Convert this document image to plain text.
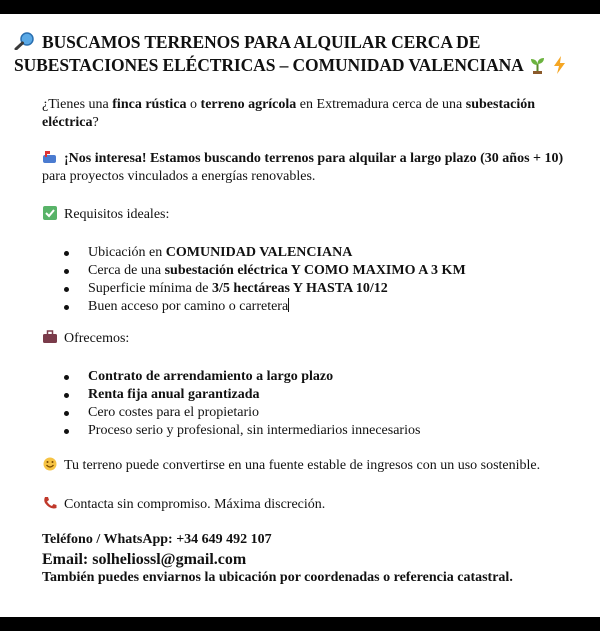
BUSCAMOS TERRENOS PARA ALQUILAR CERCA DE
SUBESTACIONES ELÉCTRICAS – COMUNIDAD VALENCIANA
¿Tienes una finca rústica o terreno agrícola en Extremadura cerca de una subestación eléctrica?
¡Nos interesa! Estamos buscando terrenos para alquilar a largo plazo (30 años + 10) para proyectos vinculados a energías renovables.
Requisitos ideales:
Ubicación en COMUNIDAD VALENCIANA
Cerca de una subestación eléctrica Y COMO MAXIMO A 3 KM
Superficie mínima de 3/5 hectáreas Y HASTA 10/12
Buen acceso por camino o carretera
Ofrecemos:
Contrato de arrendamiento a largo plazo
Renta fija anual garantizada
Cero costes para el propietario
Proceso serio y profesional, sin intermediarios innecesarios
Tu terreno puede convertirse en una fuente estable de ingresos con un uso sostenible.
Contacta sin compromiso. Máxima discreción.
Teléfono / WhatsApp: +34 649 492 107
Email: solheliossl@gmail.com
También puedes enviarnos la ubicación por coordenadas o referencia catastral.
